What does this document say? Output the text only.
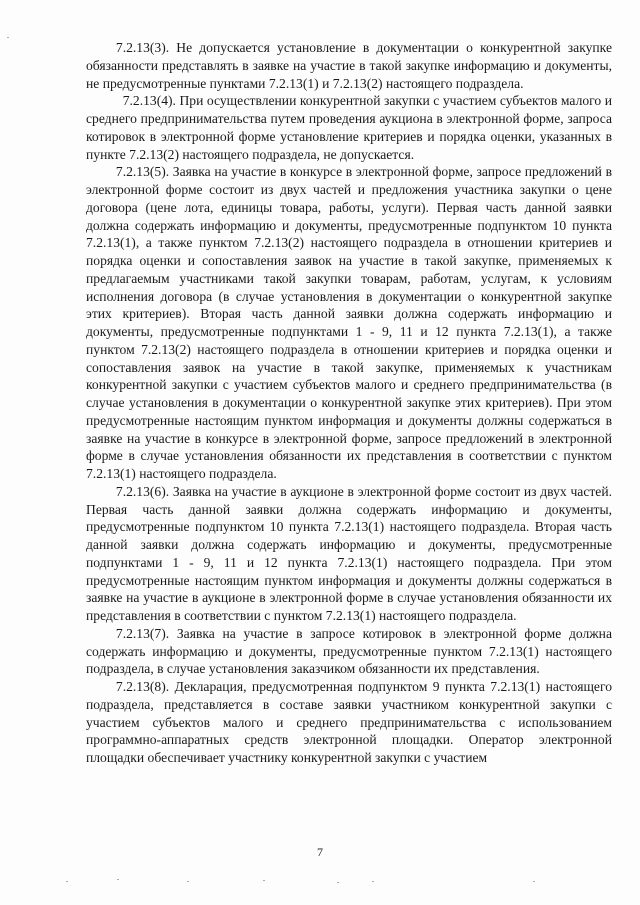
7.2.13(3). Не допускается установление в документации о конкурентной закупке обязанности представлять в заявке на участие в такой закупке информацию и документы, не предусмотренные пунктами 7.2.13(1) и 7.2.13(2) настоящего подраздела.

7.2.13(4). При осуществлении конкурентной закупки с участием субъектов малого и среднего предпринимательства путем проведения аукциона в электронной форме, запроса котировок в электронной форме установление критериев и порядка оценки, указанных в пункте 7.2.13(2) настоящего подраздела, не допускается.

7.2.13(5). Заявка на участие в конкурсе в электронной форме, запросе предложений в электронной форме состоит из двух частей и предложения участника закупки о цене договора (цене лота, единицы товара, работы, услуги). Первая часть данной заявки должна содержать информацию и документы, предусмотренные подпунктом 10 пункта 7.2.13(1), а также пунктом 7.2.13(2) настоящего подраздела в отношении критериев и порядка оценки и сопоставления заявок на участие в такой закупке, применяемых к предлагаемым участниками такой закупки товарам, работам, услугам, к условиям исполнения договора (в случае установления в документации о конкурентной закупке этих критериев). Вторая часть данной заявки должна содержать информацию и документы, предусмотренные подпунктами 1 - 9, 11 и 12 пункта 7.2.13(1), а также пунктом 7.2.13(2) настоящего подраздела в отношении критериев и порядка оценки и сопоставления заявок на участие в такой закупке, применяемых к участникам конкурентной закупки с участием субъектов малого и среднего предпринимательства (в случае установления в документации о конкурентной закупке этих критериев). При этом предусмотренные настоящим пунктом информация и документы должны содержаться в заявке на участие в конкурсе в электронной форме, запросе предложений в электронной форме в случае установления обязанности их представления в соответствии с пунктом 7.2.13(1) настоящего подраздела.

7.2.13(6). Заявка на участие в аукционе в электронной форме состоит из двух частей. Первая часть данной заявки должна содержать информацию и документы, предусмотренные подпунктом 10 пункта 7.2.13(1) настоящего подраздела. Вторая часть данной заявки должна содержать информацию и документы, предусмотренные подпунктами 1 - 9, 11 и 12 пункта 7.2.13(1) настоящего подраздела. При этом предусмотренные настоящим пунктом информация и документы должны содержаться в заявке на участие в аукционе в электронной форме в случае установления обязанности их представления в соответствии с пунктом 7.2.13(1) настоящего подраздела.

7.2.13(7). Заявка на участие в запросе котировок в электронной форме должна содержать информацию и документы, предусмотренные пунктом 7.2.13(1) настоящего подраздела, в случае установления заказчиком обязанности их представления.

7.2.13(8). Декларация, предусмотренная подпунктом 9 пункта 7.2.13(1) настоящего подраздела, представляется в составе заявки участником конкурентной закупки с участием субъектов малого и среднего предпринимательства с использованием программно-аппаратных средств электронной площадки. Оператор электронной площадки обеспечивает участнику конкурентной закупки с участием

7
